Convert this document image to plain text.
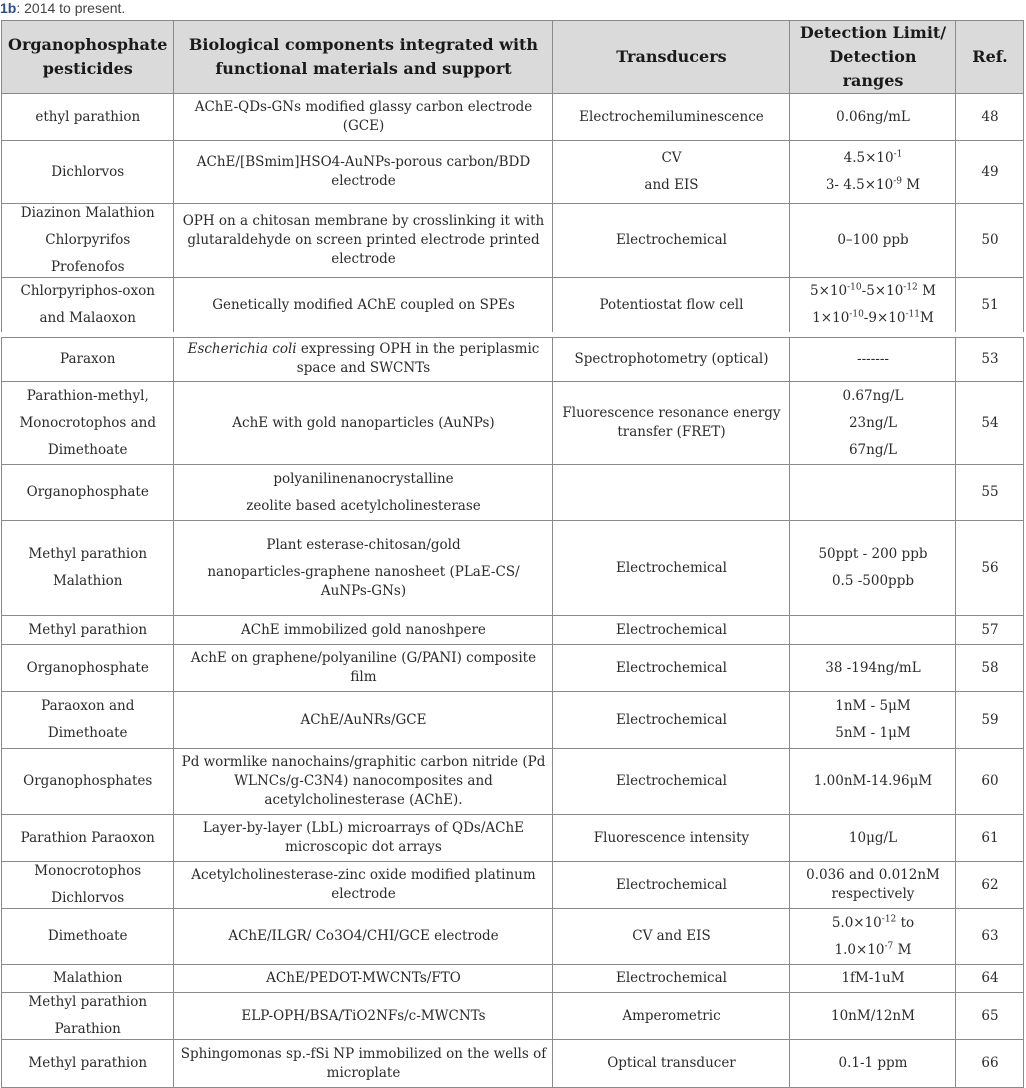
1b: 2014 to present.
Organophosphate
pesticides	Biological components integrated with
functional materials and support	Transducers	Detection Limit/
Detection ranges	Ref.

ethyl parathion	AChE-QDs-GNs modified glassy carbon electrode (GCE)	Electrochemiluminescence	0.06ng/mL	48

Dichlorvos	AChE/[BSmim]HSO4-AuNPs-porous carbon/BDD electrode	CV
and EIS	$4.5\times 10^{-1}$
3- $4.5\times 10^{-9}$ M	49

Diazinon Malathion
Chlorpyrifos
Profenofos	OPH on a chitosan membrane by crosslinking it with glutaraldehyde on screen printed electrode printed electrode	Electrochemical	0–100 ppb	50

Chlorpyriphos-oxon
and Malaoxon	Genetically modified AChE coupled on SPEs	Potentiostat flow cell	$5\times 10^{-10}-5\times 10^{-12}$ M
$1\times 10^{-10}-9\times 10^{-11}M$	51

Paraxon	Escherichia coli expressing OPH in the periplasmic space and SWCNTs	Spectrophotometry (optical)	-------	53

Parathion-methyl,
Monocrotophos and
Dimethoate	AchE with gold nanoparticles (AuNPs)	Fluorescence resonance energy transfer (FRET)	0.67ng/L
23ng/L
67ng/L	54

Organophosphate	polyanilinenanocrystalline
zeolite based acetylcholinesterase			55

Methyl parathion
Malathion	Plant esterase-chitosan/gold
nanoparticles-graphene nanosheet (PLaE-CS/ AuNPs-GNs)	Electrochemical	50ppt - 200 ppb
0.5 -500ppb	56

Methyl parathion	AChE immobilized gold nanoshpere	Electrochemical		57

Organophosphate	AchE on graphene/polyaniline (G/PANI) composite film	Electrochemical	38 -194ng/mL	58

Paraoxon and
Dimethoate	AChE/AuNRs/GCE	Electrochemical	1nM - 5μM
5nM - 1μM	59

Organophosphates	Pd wormlike nanochains/graphitic carbon nitride (Pd WLNCs/g-C3N4) nanocomposites and acetylcholinesterase (AChE).	Electrochemical	1.00nM-14.96μM	60

Parathion Paraoxon	Layer-by-layer (LbL) microarrays of QDs/AChE microscopic dot arrays	Fluorescence intensity	10μg/L	61

Monocrotophos
Dichlorvos	Acetylcholinesterase-zinc oxide modified platinum electrode	Electrochemical	0.036 and 0.012nM respectively	62

Dimethoate	AChE/ILGR/ Co3O4/CHI/GCE electrode	CV and EIS	$5.0\times 10^{-12}$ to
$1.0\times 10^{-7}$ M	63

Malathion	AChE/PEDOT-MWCNTs/FTO	Electrochemical	1fM-1uM	64

Methyl parathion
Parathion	ELP-OPH/BSA/TiO2NFs/c-MWCNTs	Amperometric	10nM/12nM	65

Methyl parathion	Sphingomonas sp.-fSi NP immobilized on the wells of microplate	Optical transducer	0.1-1 ppm	66
